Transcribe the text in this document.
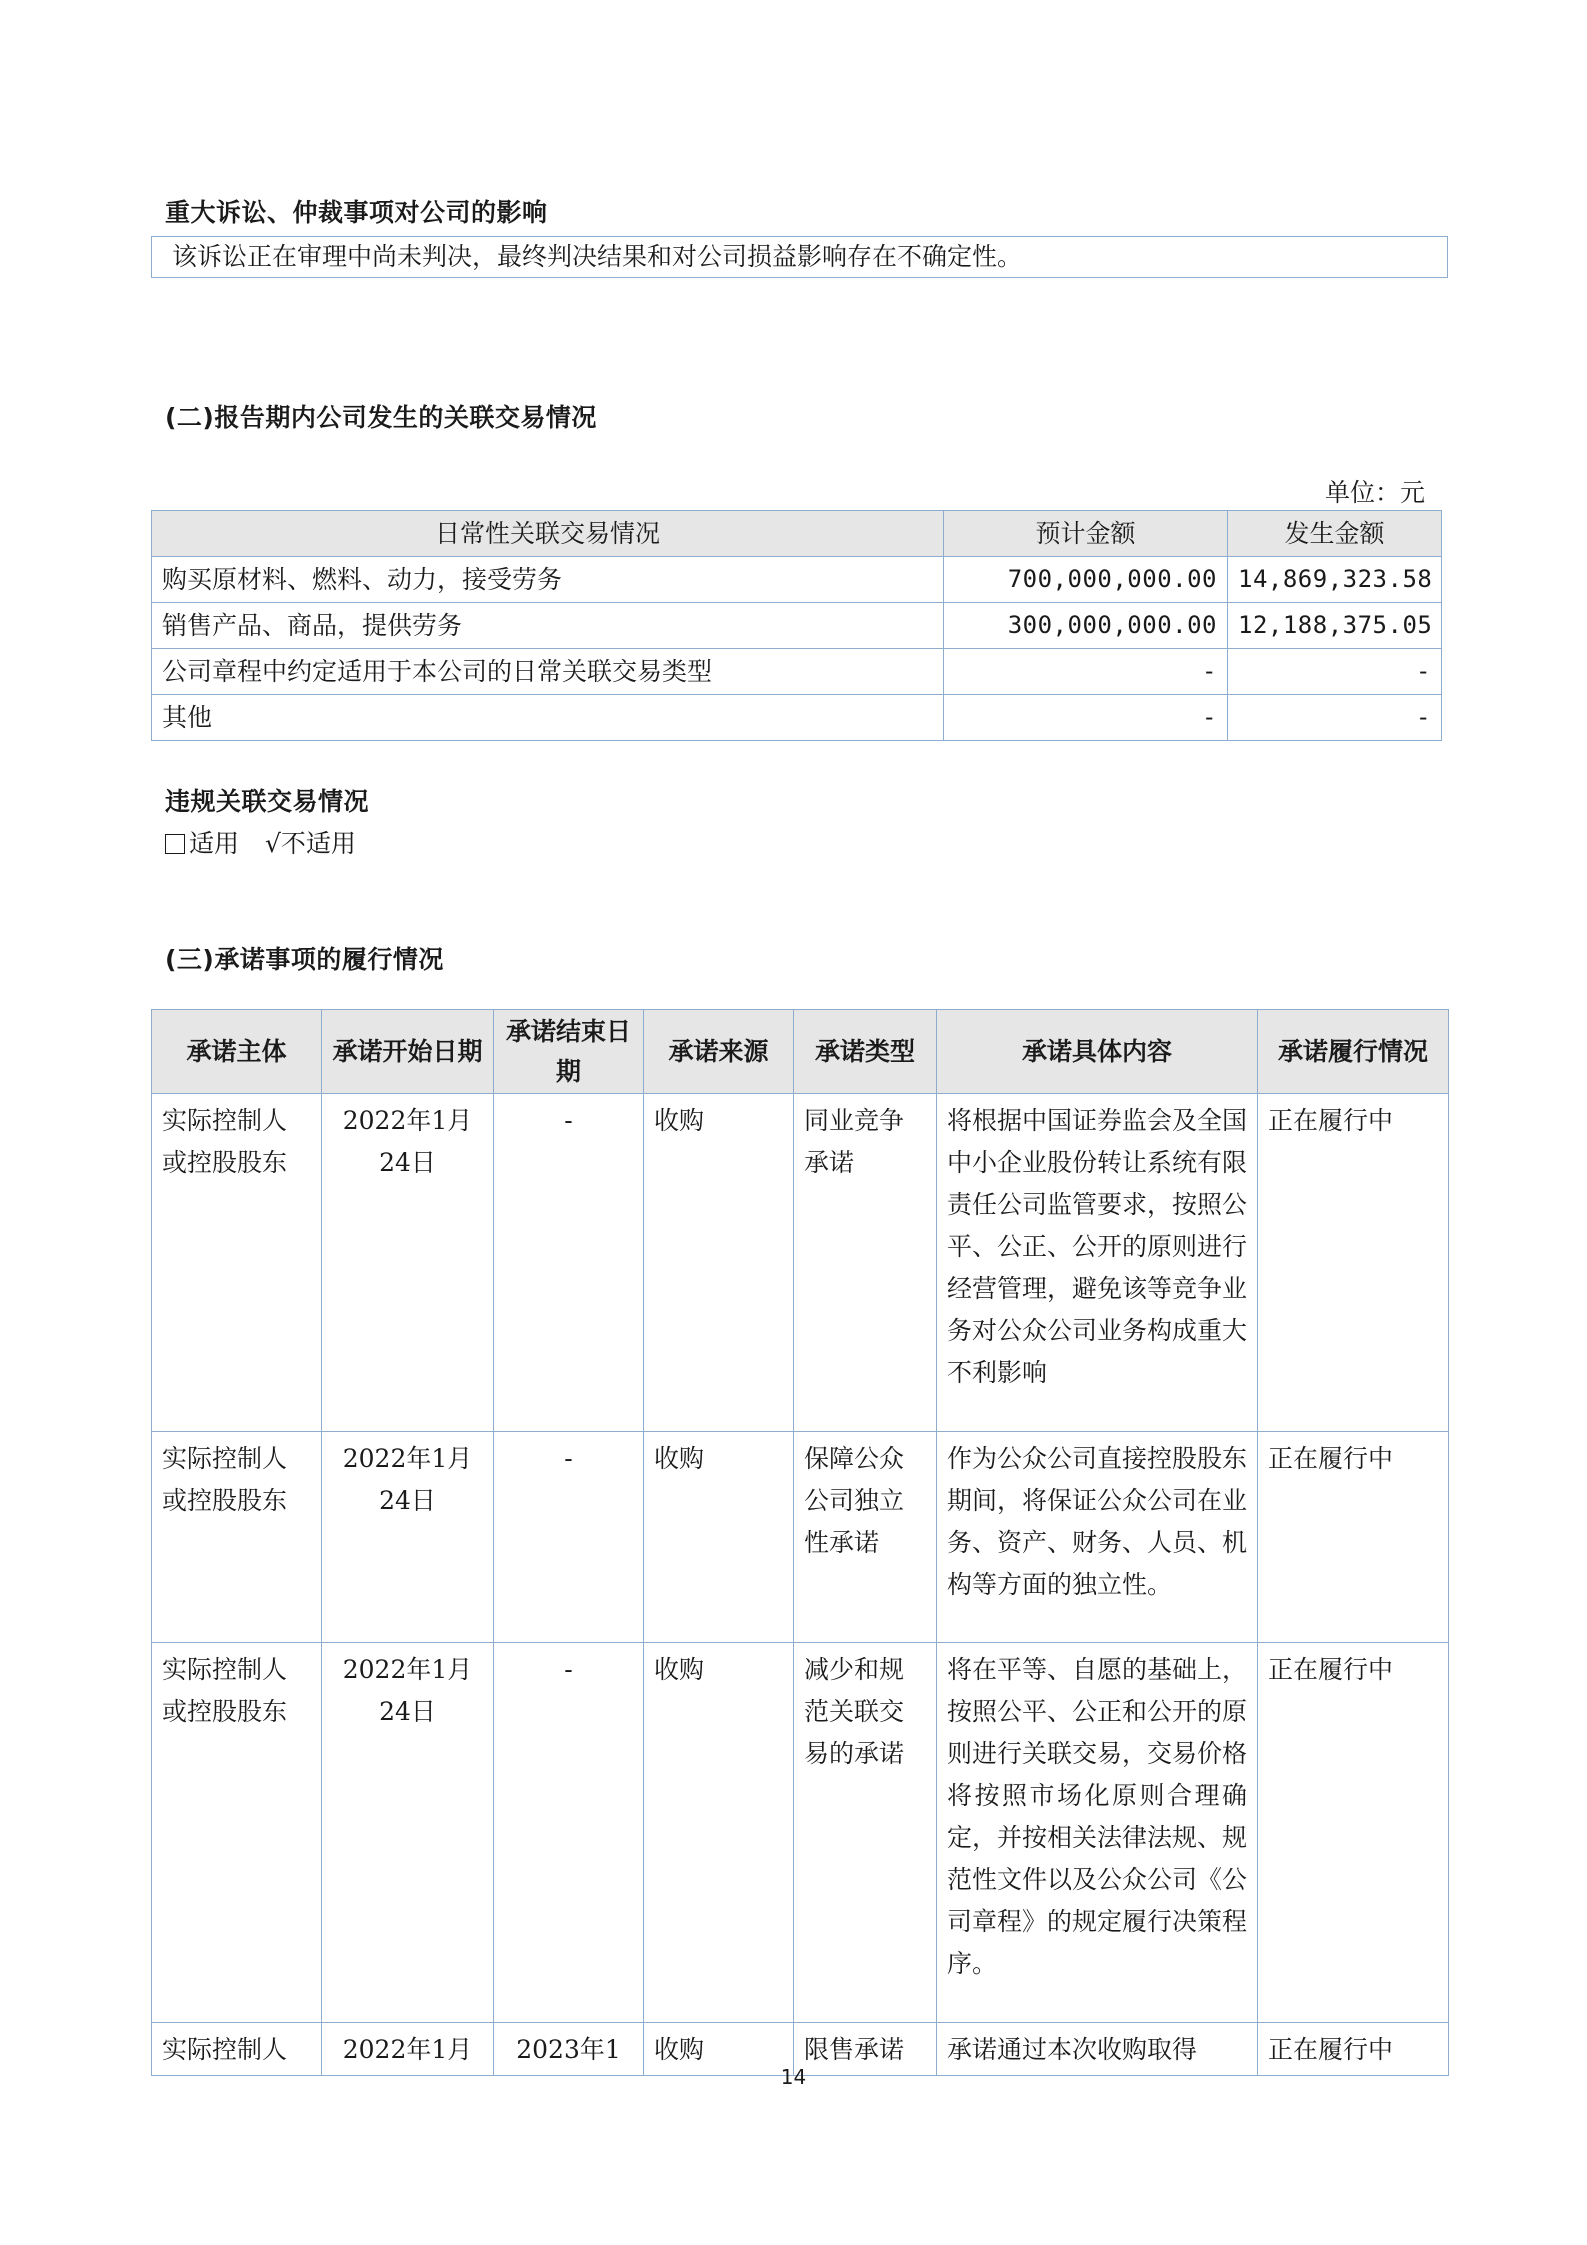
重大诉讼、仲裁事项对公司的影响
该诉讼正在审理中尚未判决，最终判决结果和对公司损益影响存在不确定性。
(二)报告期内公司发生的关联交易情况
单位：元
日常性关联交易情况	预计金额	发生金额
购买原材料、燃料、动力，接受劳务	700,000,000.00	14,869,323.58
销售产品、商品，提供劳务	300,000,000.00	12,188,375.05
公司章程中约定适用于本公司的日常关联交易类型	-	-
其他	-	-
违规关联交易情况
适用 √不适用
(三)承诺事项的履行情况
承诺主体	承诺开始日期	承诺结束日期	承诺来源	承诺类型	承诺具体内容	承诺履行情况
实际控制人或控股股东	2022年1月24日	-	收购	同业竞争承诺	将根据中国证券监会及全国中小企业股份转让系统有限责任公司监管要求，按照公平、公正、公开的原则进行经营管理，避免该等竞争业务对公众公司业务构成重大不利影响	正在履行中
实际控制人或控股股东	2022年1月24日	-	收购	保障公众公司独立性承诺	作为公众公司直接控股股东期间，将保证公众公司在业务、资产、财务、人员、机构等方面的独立性。	正在履行中
实际控制人或控股股东	2022年1月24日	-	收购	减少和规范关联交易的承诺	将在平等、自愿的基础上，按照公平、公正和公开的原则进行关联交易，交易价格将按照市场化原则合理确定，并按相关法律法规、规范性文件以及公众公司《公司章程》的规定履行决策程序。	正在履行中
实际控制人	2022年1月	2023年1	收购	限售承诺	承诺通过本次收购取得	正在履行中
14
